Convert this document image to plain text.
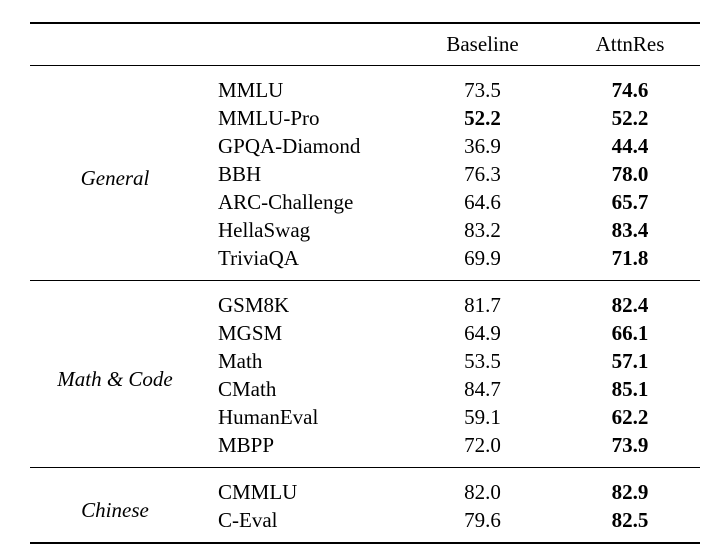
		Baseline	AttnRes
General	MMLU	73.5	74.6
	MMLU-Pro	52.2	52.2
	GPQA-Diamond	36.9	44.4
	BBH	76.3	78.0
	ARC-Challenge	64.6	65.7
	HellaSwag	83.2	83.4
	TriviaQA	69.9	71.8
Math & Code	GSM8K	81.7	82.4
	MGSM	64.9	66.1
	Math	53.5	57.1
	CMath	84.7	85.1
	HumanEval	59.1	62.2
	MBPP	72.0	73.9
Chinese	CMMLU	82.0	82.9
	C-Eval	79.6	82.5
